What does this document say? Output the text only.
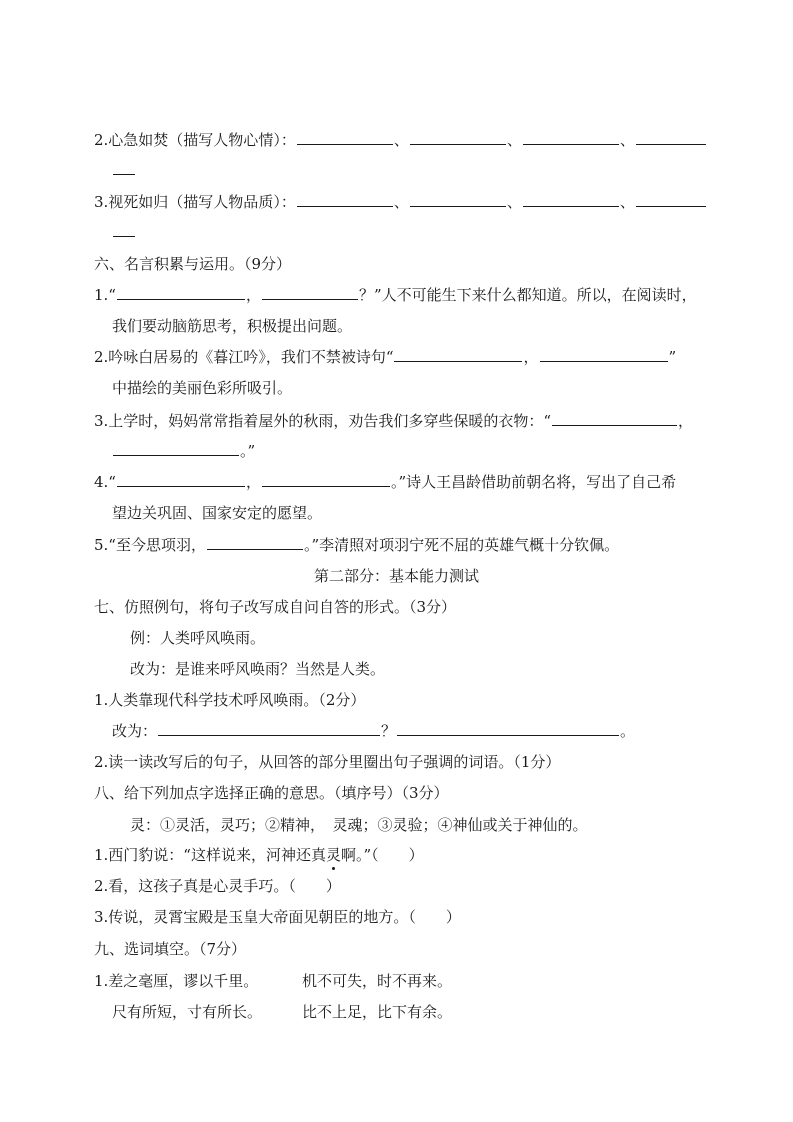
2.心急如焚（描写人物心情）：	、	、	、
3.视死如归（描写人物品质）：	、	、	、
六、名言积累与运用。（9分）
1.“	，	？”人不可能生下来什么都知道。所以，在阅读时，
我们要动脑筋思考，积极提出问题。
2.吟咏白居易的《暮江吟》，我们不禁被诗句“	，	”
中描绘的美丽色彩所吸引。
3.上学时，妈妈常常指着屋外的秋雨，劝告我们多穿些保暖的衣物：“	，
。”
4.“	，	。”诗人王昌龄借助前朝名将，写出了自己希
望边关巩固、国家安定的愿望。
5.“至今思项羽，	。”李清照对项羽宁死不屈的英雄气概十分钦佩。
第二部分：基本能力测试
七、仿照例句，将句子改写成自问自答的形式。（3分）
例：人类呼风唤雨。
改为：是谁来呼风唤雨？当然是人类。
1.人类靠现代科学技术呼风唤雨。（2分）
改为：	？	。
2.读一读改写后的句子，从回答的部分里圈出句子强调的词语。（1分）
八、给下列加点字选择正确的意思。（填序号）（3分）
灵：①灵活，灵巧；②精神，　灵魂；③灵验；④神仙或关于神仙的。
1.西门豹说：“这样说来，河神还真灵啊。”（　　）
2.看，这孩子真是心灵手巧。（　　）
3.传说，灵霄宝殿是玉皇大帝面见朝臣的地方。（　　）
九、选词填空。（7分）
1.差之毫厘，谬以千里。	机不可失，时不再来。
尺有所短，寸有所长。	比不上足，比下有余。
